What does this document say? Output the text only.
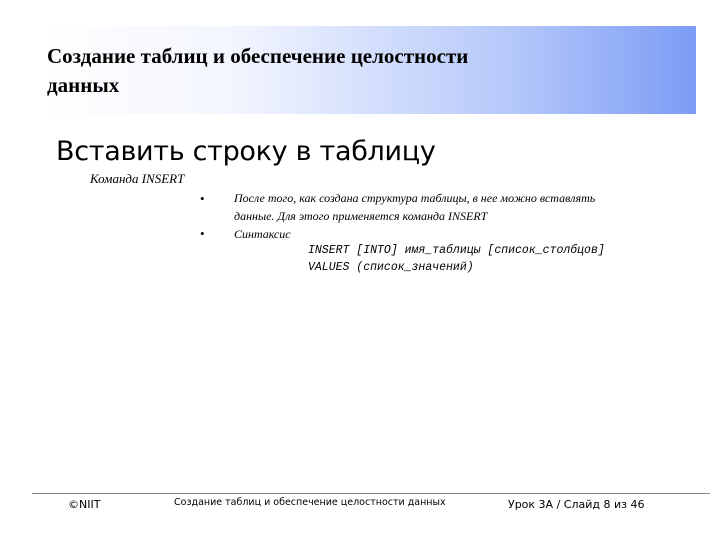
Создание таблиц и обеспечение целостности
данных
Вставить строку в таблицу
Команда INSERT
• После того, как создана структура таблицы, в нее можно вставлять
данные. Для этого применяется команда INSERT
• Синтаксис
INSERT [INTO] имя_таблицы [список_столбцов]
VALUES (список_значений)
©NIIT	Создание таблиц и обеспечение целостности данных	Урок 3A / Слайд 8 из 46
